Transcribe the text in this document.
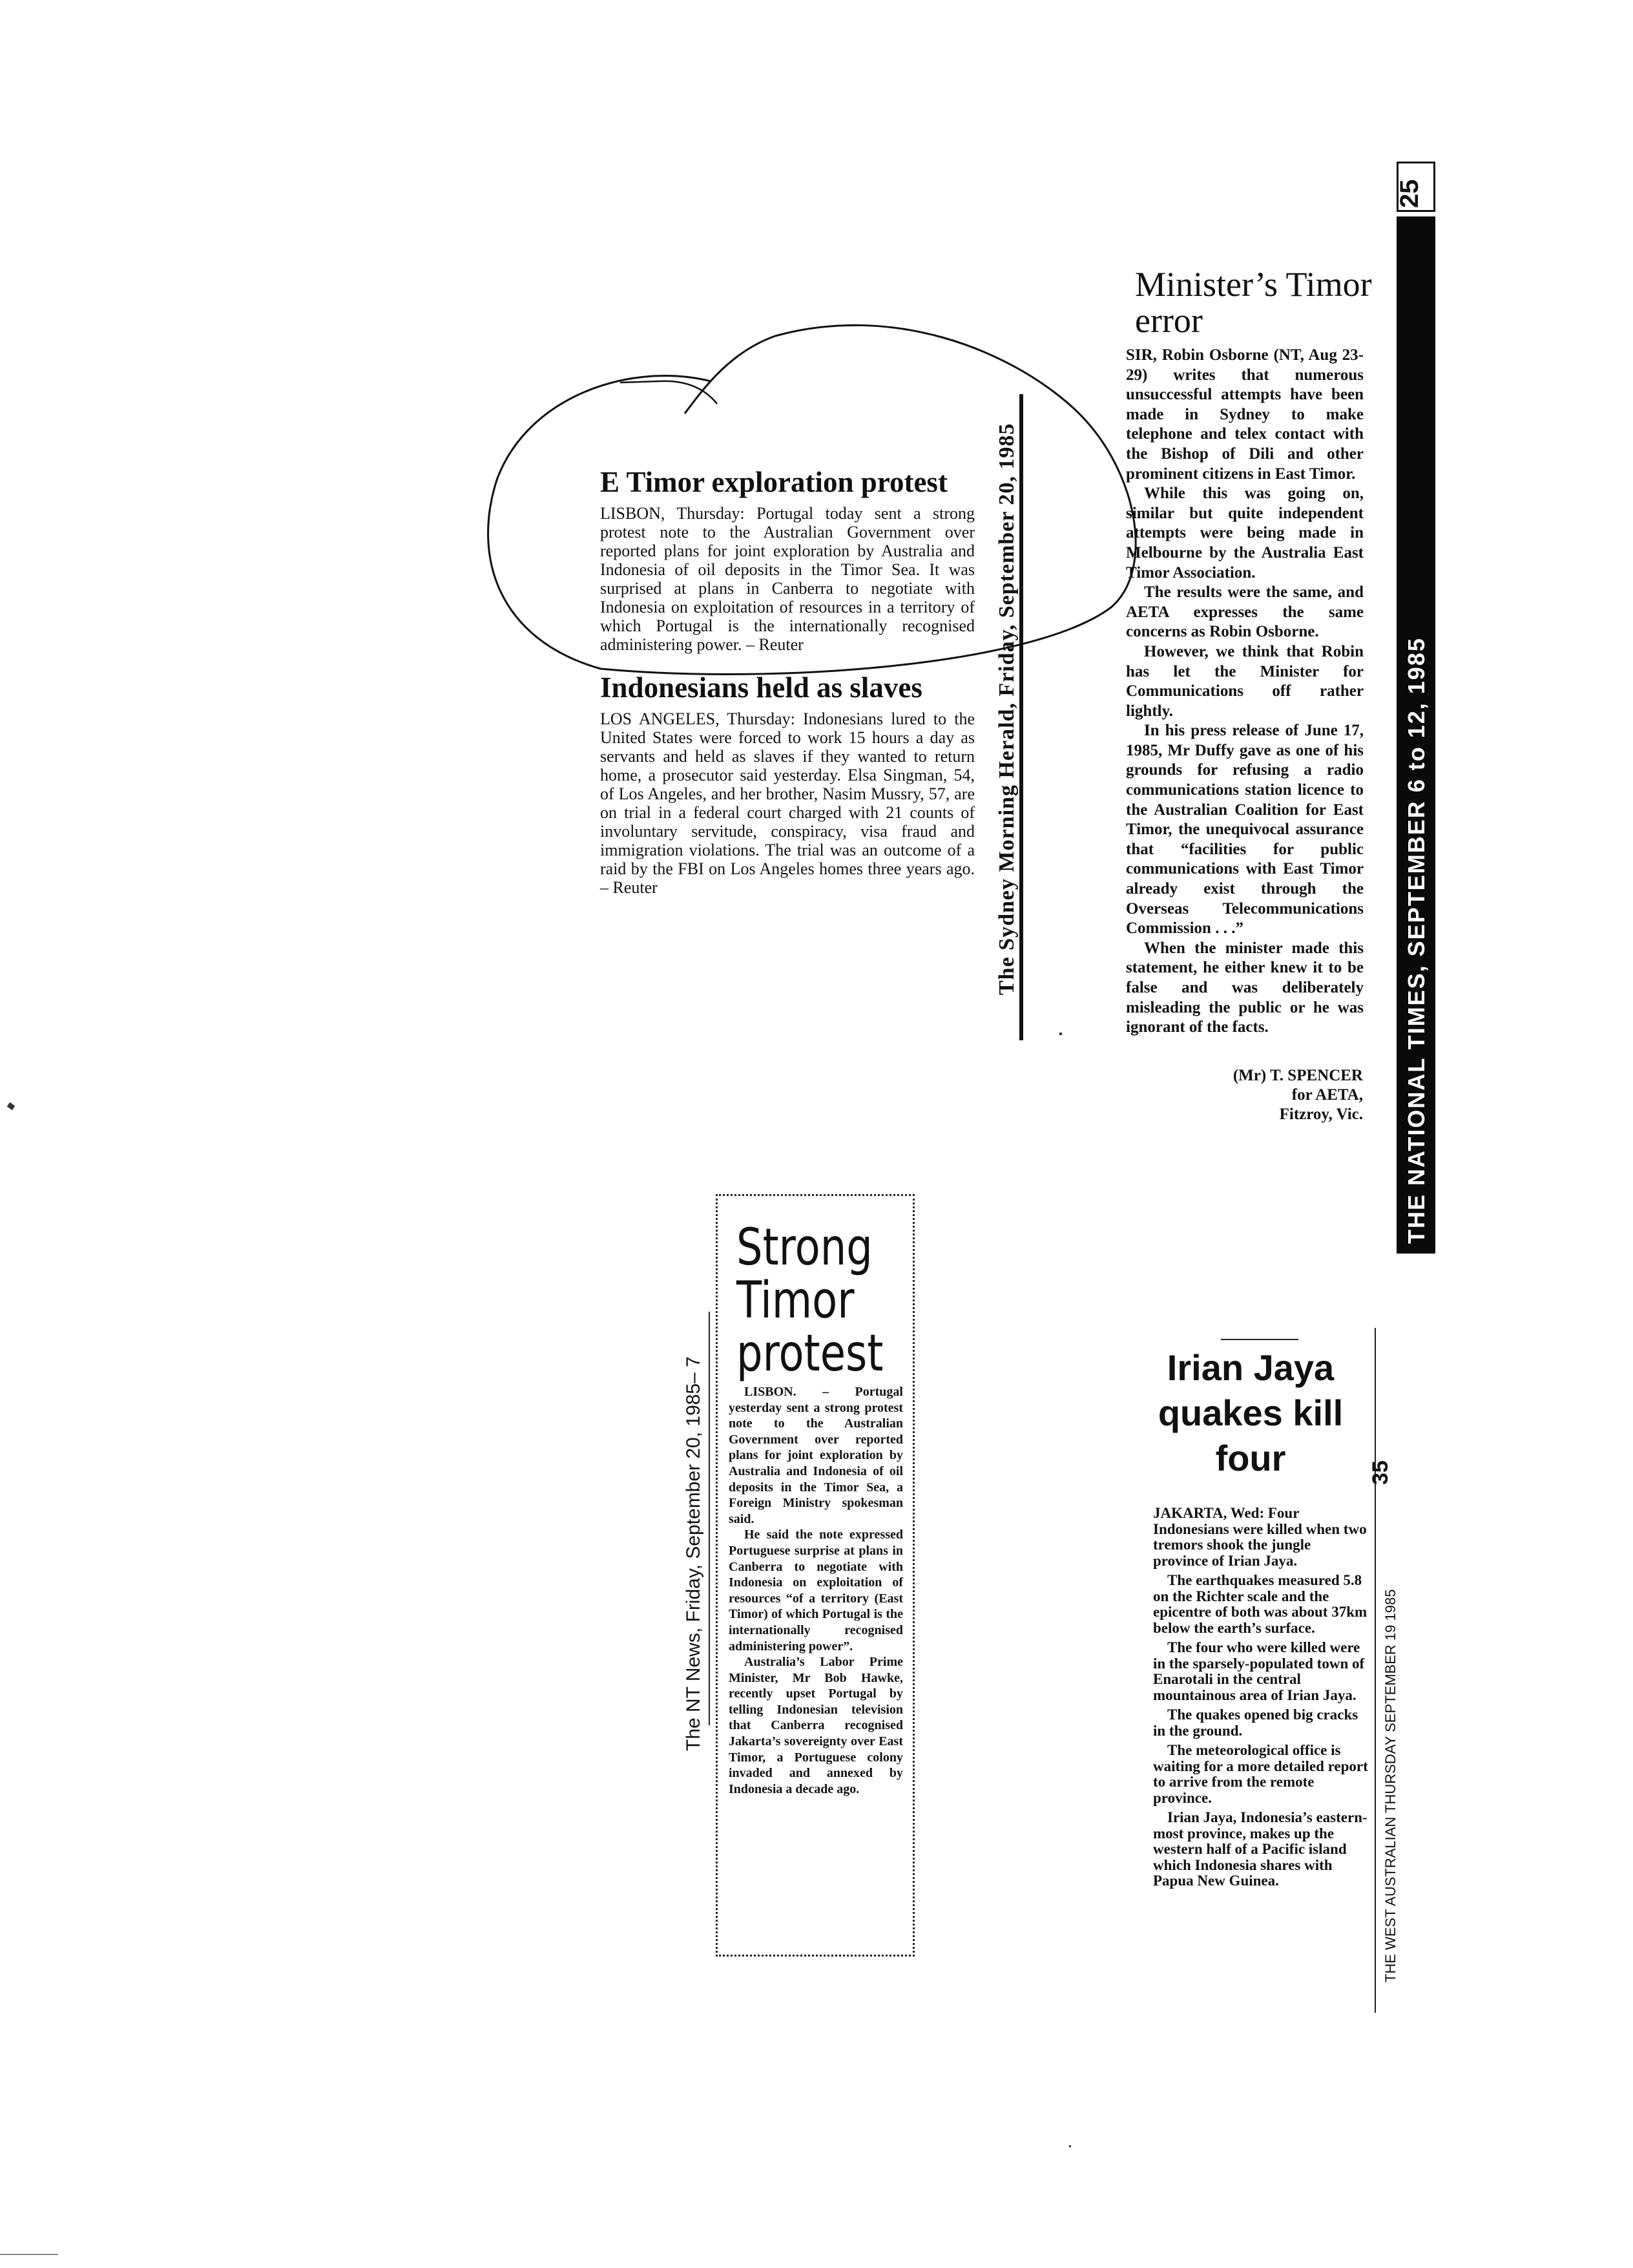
E Timor exploration protest
LISBON, Thursday: Portugal today sent a strong protest note to the Australian Government over reported plans for joint exploration by Australia and Indonesia of oil deposits in the Timor Sea. It was surprised at plans in Canberra to negotiate with Indonesia on exploitation of resources in a territory of which Portugal is the internationally recognised administering power. – Reuter
Indonesians held as slaves
LOS ANGELES, Thursday: Indonesians lured to the United States were forced to work 15 hours a day as servants and held as slaves if they wanted to return home, a prosecutor said yesterday. Elsa Singman, 54, of Los Angeles, and her brother, Nasim Mussry, 57, are on trial in a federal court charged with 21 counts of involuntary servitude, conspiracy, visa fraud and immigration violations. The trial was an outcome of a raid by the FBI on Los Angeles homes three years ago. – Reuter	The Sydney Morning Herald, Friday, September 20, 1985
Minister’s Timor error

SIR, Robin Osborne (NT, Aug 23-29) writes that numerous unsuccessful attempts have been made in Sydney to make telephone and telex contact with the Bishop of Dili and other prominent citizens in East Timor.

While this was going on, similar but quite independent attempts were being made in Melbourne by the Australia East Timor Association.

The results were the same, and AETA expresses the same concerns as Robin Osborne.

However, we think that Robin has let the Minister for Communications off rather lightly.

In his press release of June 17, 1985, Mr Duffy gave as one of his grounds for refusing a radio communications station licence to the Australian Coalition for East Timor, the unequivocal assurance that “facilities for public communications with East Timor already exist through the Overseas Telecommunications Commission . . .”

When the minister made this statement, he either knew it to be false and was deliberately misleading the public or he was ignorant of the facts.

(Mr) T. SPENCER
for AETA,
Fitzroy, Vic.
25
THE NATIONAL TIMES, SEPTEMBER 6 to 12, 1985
Strong Timor protest

LISBON. – Portugal yesterday sent a strong protest note to the Australian Government over reported plans for joint exploration by Australia and Indonesia of oil deposits in the Timor Sea, a Foreign Ministry spokesman said.

He said the note expressed Portuguese surprise at plans in Canberra to negotiate with Indonesia on exploitation of resources “of a territory (East Timor) of which Portugal is the internationally recognised administering power”.

Australia’s Labor Prime Minister, Mr Bob Hawke, recently upset Portugal by telling Indonesian television that Canberra recognised Jakarta’s sovereignty over East Timor, a Portuguese colony invaded and annexed by Indonesia a decade ago.

The NT News, Friday, September 20, 1985– 7	Irian Jaya quakes kill four

JAKARTA, Wed: Four Indonesians were killed when two tremors shook the jungle province of Irian Jaya.

The earthquakes measured 5.8 on the Richter scale and the epicentre of both was about 37km below the earth’s surface.

The four who were killed were in the sparsely-populated town of Enarotali in the central mountainous area of Irian Jaya.

The quakes opened big cracks in the ground.

The meteorological office is waiting for a more detailed report to arrive from the remote province.

Irian Jaya, Indonesia’s eastern-most province, makes up the western half of a Pacific island which Indonesia shares with Papua New Guinea.

35
THE WEST AUSTRALIAN THURSDAY SEPTEMBER 19 1985
